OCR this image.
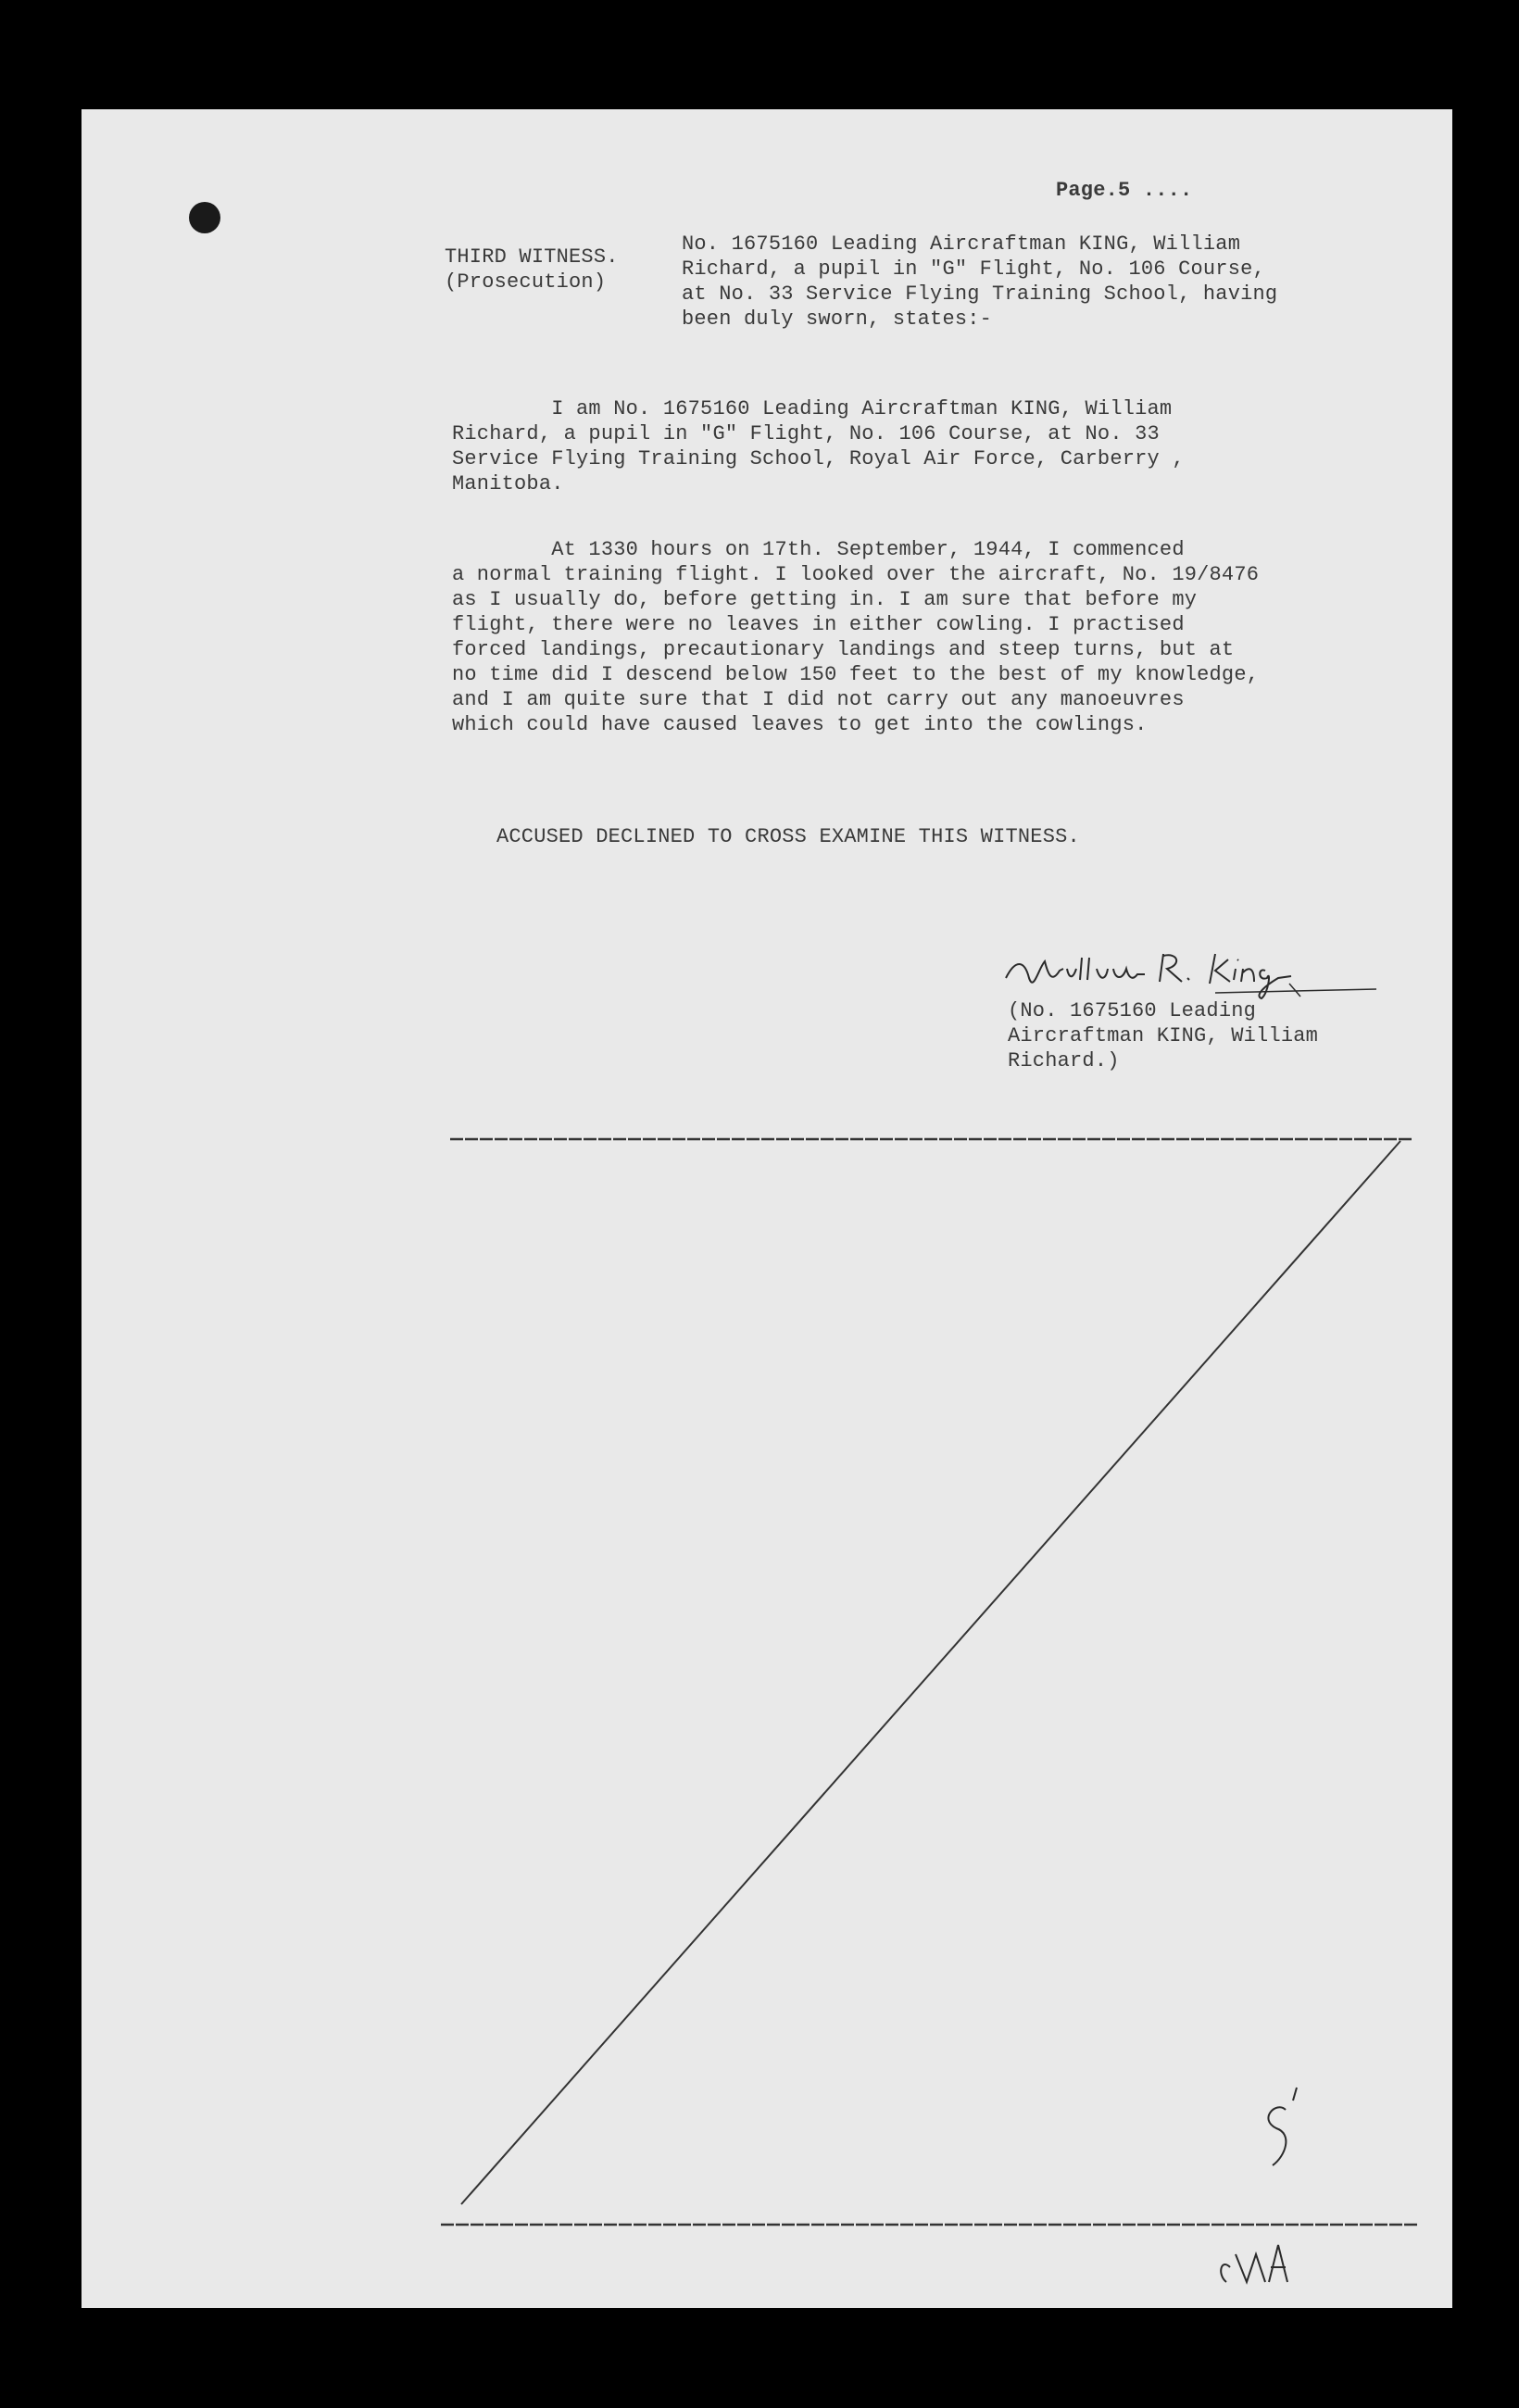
Page.5 ....
THIRD WITNESS.
(Prosecution)
No. 1675160 Leading Aircraftman KING, William
Richard, a pupil in "G" Flight, No. 106 Course,
at No. 33 Service Flying Training School, having
been duly sworn, states:-
I am No. 1675160 Leading Aircraftman KING, William
Richard, a pupil in "G" Flight, No. 106 Course, at No. 33
Service Flying Training School, Royal Air Force, Carberry ,
Manitoba.
At 1330 hours on 17th. September, 1944, I commenced
a normal training flight. I looked over the aircraft, No. 19/8476
as I usually do, before getting in. I am sure that before my
flight, there were no leaves in either cowling. I practised
forced landings, precautionary landings and steep turns, but at
no time did I descend below 150 feet to the best of my knowledge,
and I am quite sure that I did not carry out any manoeuvres
which could have caused leaves to get into the cowlings.
ACCUSED DECLINED TO CROSS EXAMINE THIS WITNESS.
(No. 1675160 Leading
Aircraftman KING, William
Richard.)
